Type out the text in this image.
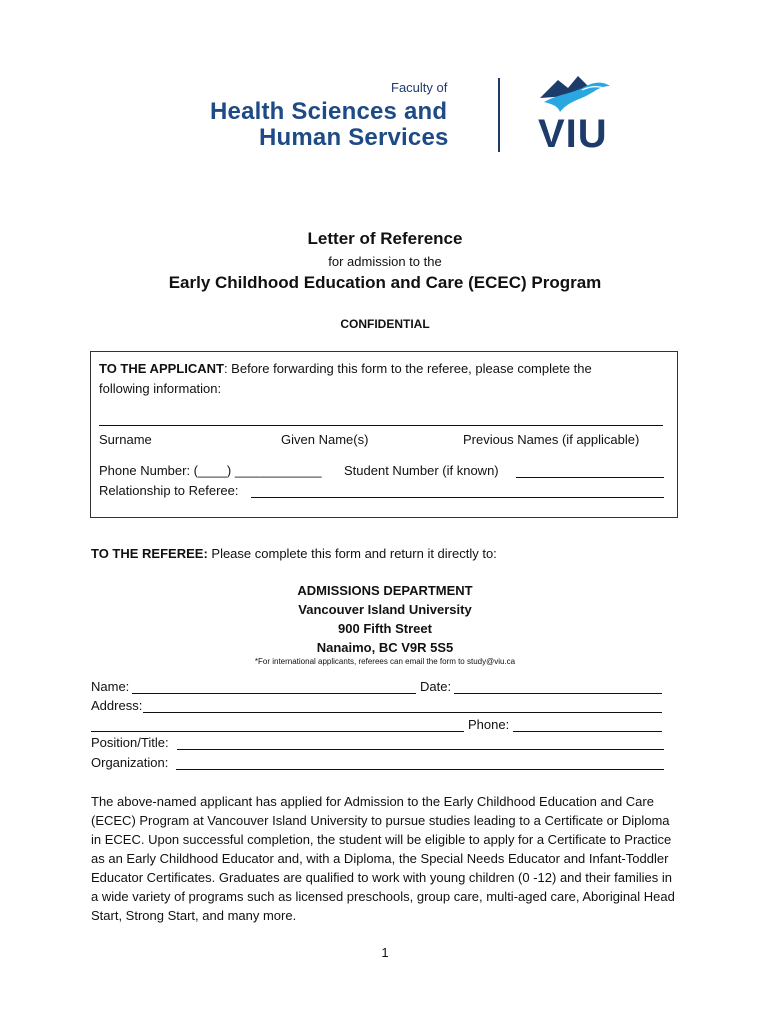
Faculty of
Health Sciences and
Human Services VIU
Letter of Reference
for admission to the
Early Childhood Education and Care (ECEC) Program
CONFIDENTIAL
TO THE APPLICANT: Before forwarding this form to the referee, please complete the
following information:
Surname	Given Name(s)	Previous Names (if applicable)
Phone Number: (____) ____________ Student Number (if known)
Relationship to Referee:
TO THE REFEREE: Please complete this form and return it directly to:
ADMISSIONS DEPARTMENT
Vancouver Island University
900 Fifth Street
Nanaimo, BC V9R 5S5
*For international applicants, referees can email the form to study@viu.ca
Name:	Date:
Address:
Phone:
Position/Title:
Organization:
The above-named applicant has applied for Admission to the Early Childhood Education and Care (ECEC) Program at Vancouver Island University to pursue studies leading to a Certificate or Diploma in ECEC. Upon successful completion, the student will be eligible to apply for a Certificate to Practice as an Early Childhood Educator and, with a Diploma, the Special Needs Educator and Infant-Toddler Educator Certificates. Graduates are qualified to work with young children (0 -12) and their families in a wide variety of programs such as licensed preschools, group care, multi-aged care, Aboriginal Head Start, Strong Start, and many more.
1
